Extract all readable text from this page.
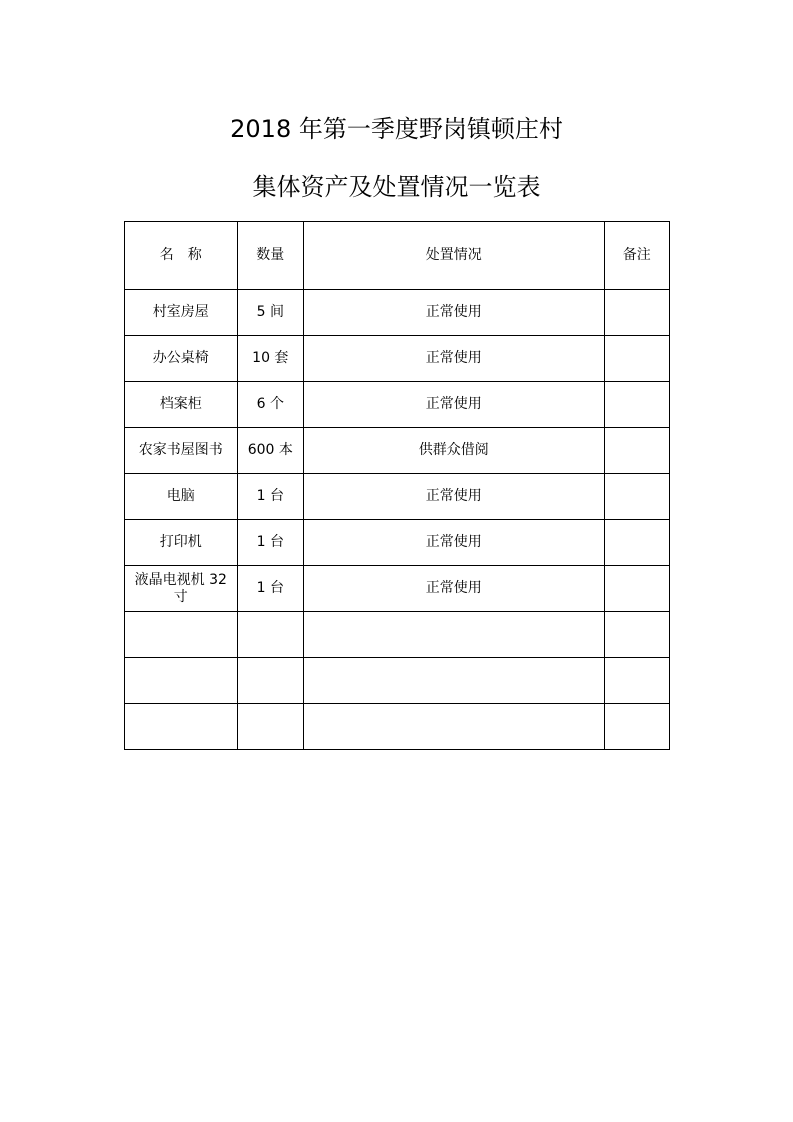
2018 年第一季度野岗镇顿庄村
集体资产及处置情况一览表
名　称	数量	处置情况	备注
村室房屋	5 间	正常使用	
办公桌椅	10 套	正常使用	
档案柜	6 个	正常使用	
农家书屋图书	600 本	供群众借阅	
电脑	1 台	正常使用	
打印机	1 台	正常使用	
液晶电视机 32 寸	1 台	正常使用	
